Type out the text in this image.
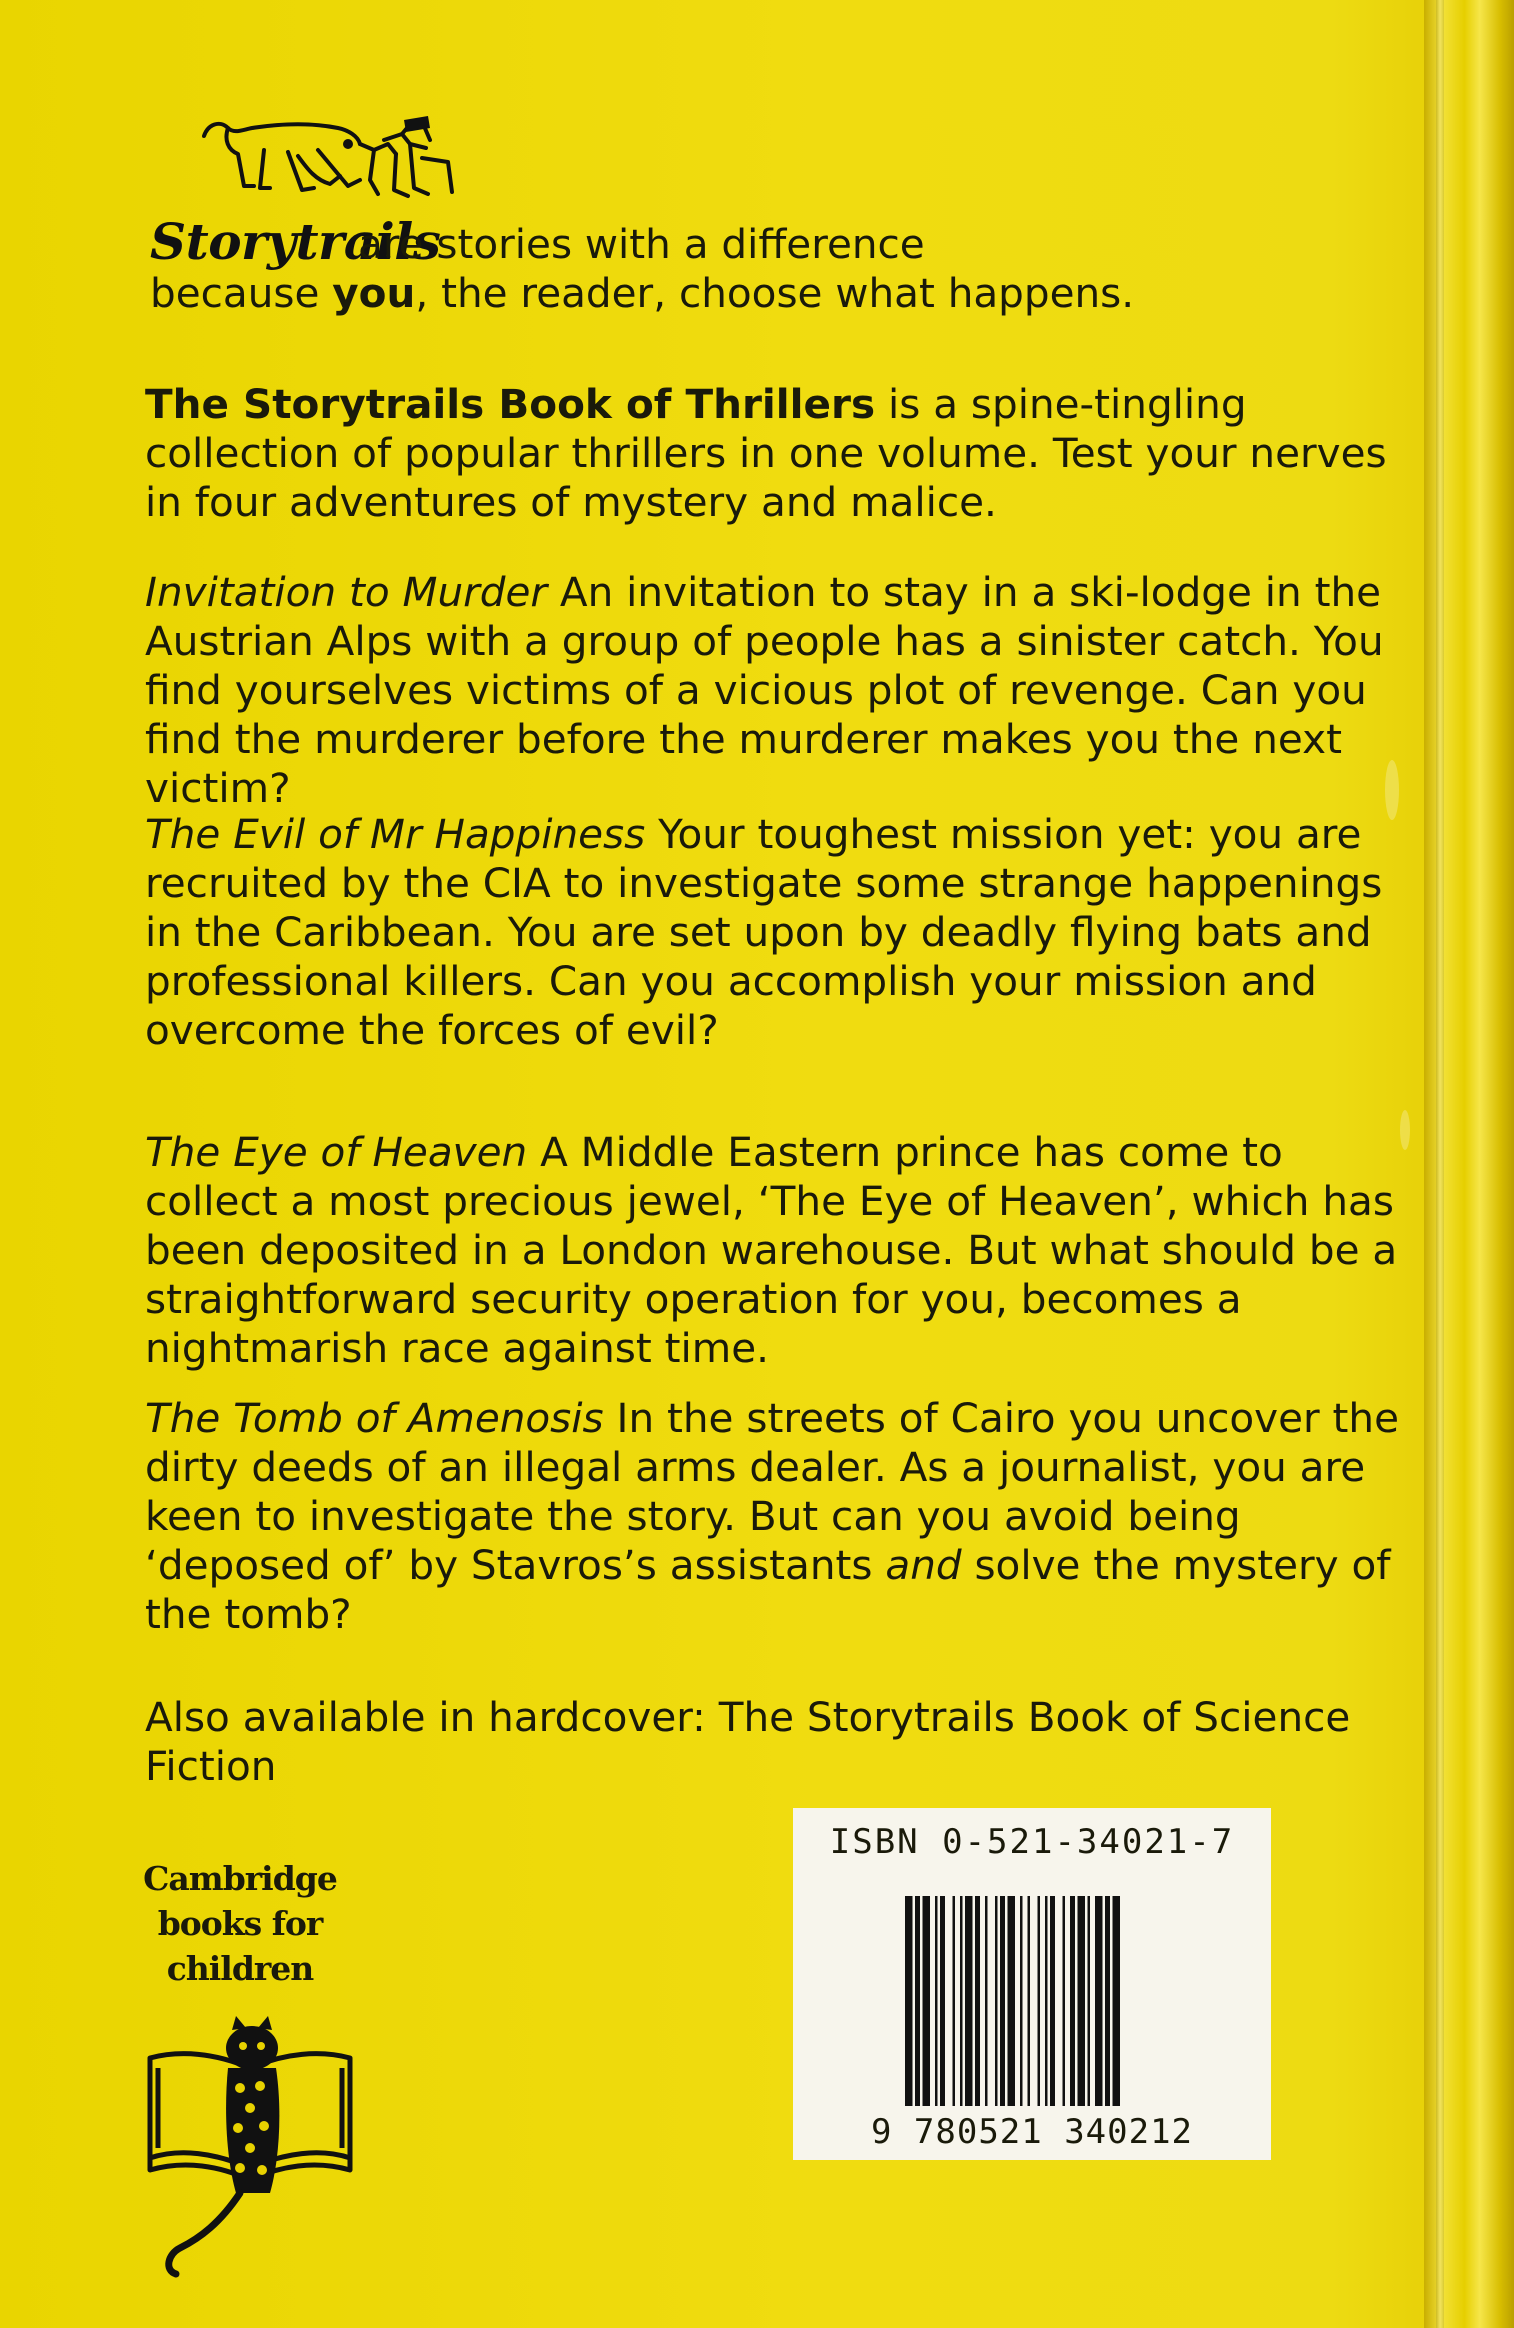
Storytrails

are stories with a difference

because you, the reader, choose what happens.

The Storytrails Book of Thrillers is a spine-tingling collection of popular thrillers in one volume. Test your nerves in four adventures of mystery and malice.

Invitation to Murder An invitation to stay in a ski-lodge in the Austrian Alps with a group of people has a sinister catch. You find yourselves victims of a vicious plot of revenge. Can you find the murderer before the murderer makes you the next victim?

The Evil of Mr Happiness Your toughest mission yet: you are recruited by the CIA to investigate some strange happenings in the Caribbean. You are set upon by deadly flying bats and professional killers. Can you accomplish your mission and overcome the forces of evil?

The Eye of Heaven A Middle Eastern prince has come to collect a most precious jewel, ‘The Eye of Heaven’, which has been deposited in a London warehouse. But what should be a straightforward security operation for you, becomes a nightmarish race against time.

The Tomb of Amenosis In the streets of Cairo you uncover the dirty deeds of an illegal arms dealer. As a journalist, you are keen to investigate the story. But can you avoid being ‘deposed of’ by Stavros’s assistants and solve the mystery of the tomb?

Also available in hardcover: The Storytrails Book of Science Fiction

Cambridge
books for
children
ISBN 0-521-34021-7
9 780521 340212
